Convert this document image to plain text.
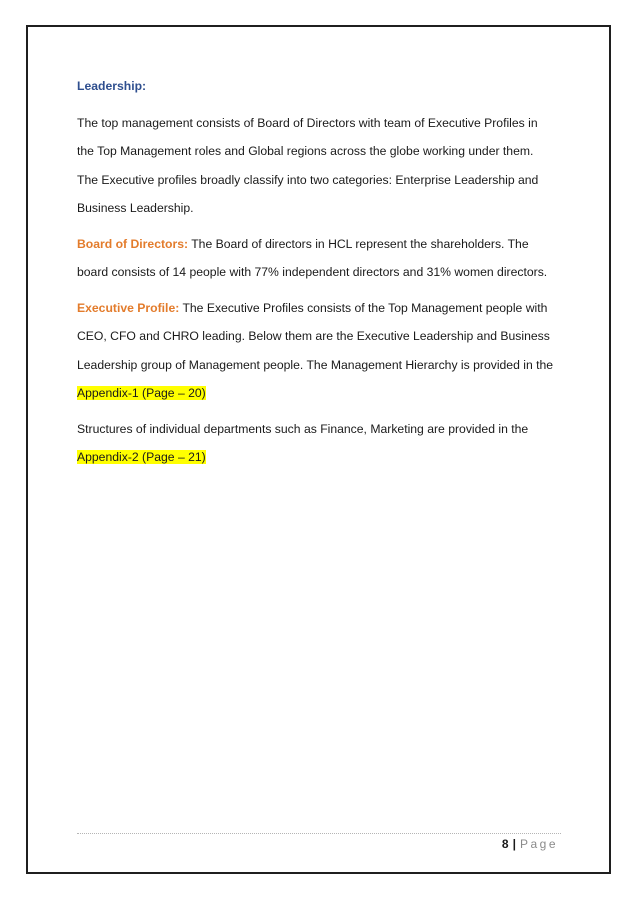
Leadership:

The top management consists of Board of Directors with team of Executive Profiles in the Top Management roles and Global regions across the globe working under them. The Executive profiles broadly classify into two categories: Enterprise Leadership and Business Leadership.

Board of Directors: The Board of directors in HCL represent the shareholders. The board consists of 14 people with 77% independent directors and 31% women directors.

Executive Profile: The Executive Profiles consists of the Top Management people with CEO, CFO and CHRO leading. Below them are the Executive Leadership and Business Leadership group of Management people. The Management Hierarchy is provided in the Appendix-1 (Page – 20)

Structures of individual departments such as Finance, Marketing are provided in the Appendix-2 (Page – 21)

8 | Page
